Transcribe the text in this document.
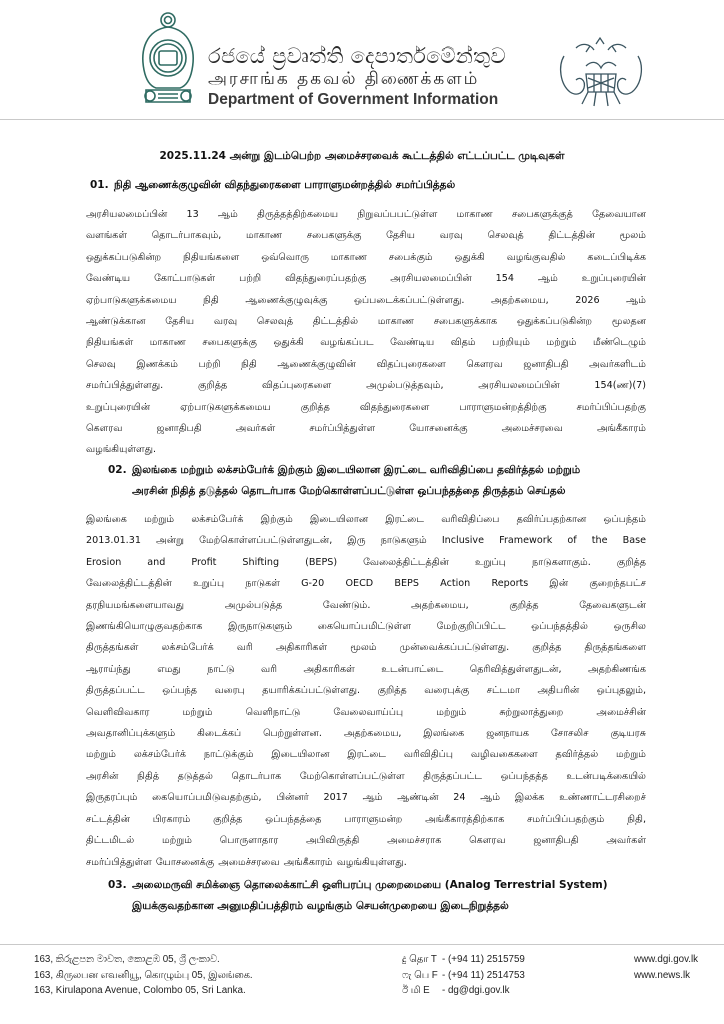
රජයේ ප්‍රවෘත්ති දෙපාර්තමේන්තුව
அரசாங்க தகவல் திணைக்களம்
Department of Government Information
2025.11.24 அன்று இடம்பெற்ற அமைச்சரவைக் கூட்டத்தில் எட்டப்பட்ட முடிவுகள்
01. நிதி ஆணைக்குழுவின் விதந்துரைகளை பாராளுமன்றத்தில் சமர்ப்பித்தல்
அரசியலமைப்பின் 13 ஆம் திருத்தத்திற்கமைய நிறுவப்பபட்டுள்ள மாகாண சபைகளுக்குத் தேவையான
வளங்கள் தொடர்பாகவும், மாகாண சபைகளுக்கு தேசிய வரவு செலவுத் திட்டத்தின் மூலம்
ஒதுக்கப்படுகின்ற நிதியங்களை ஒவ்வொரு மாகாண சபைக்கும் ஒதுக்கி வழங்குவதில் கடைப்பிடிக்க
வேண்டிய கோட்பாடுகள் பற்றி விதந்துரைப்பதற்கு அரசியலமைப்பின் 154 ஆம் உறுப்புரையின்
ஏற்பாடுகளுக்கமைய நிதி ஆணைக்குழுவுக்கு ஒப்படைக்கப்பட்டுள்ளது. அதற்கமைய, 2026 ஆம்
ஆண்டுக்கான தேசிய வரவு செலவுத் திட்டத்தில் மாகாண சபைகளுக்காக ஒதுக்கப்படுகின்ற மூலதன
நிதியங்கள் மாகாண சபைகளுக்கு ஒதுக்கி வழங்கப்பட வேண்டிய விதம் பற்றியும் மற்றும் மீண்டெழும்
செலவு இணக்கம் பற்றி நிதி ஆணைக்குழுவின் விதப்புரைகளை கௌரவ ஜனாதிபதி அவர்களிடம்
சமர்ப்பித்துள்ளது. குறித்த விதப்புரைகளை அமுல்படுத்தவும், அரசியலமைப்பின் 154(ண)(7)
உறுப்புரையின் ஏற்பாடுகளுக்கமைய குறித்த விதந்துரைகளை பாராளுமன்றத்திற்கு சமர்ப்பிப்பதற்கு
கௌரவ ஜனாதிபதி அவர்கள் சமர்ப்பித்துள்ள யோசனைக்கு அமைச்சரவை அங்கீகாரம்
வழங்கியுள்ளது.
02. இலங்கை மற்றும் லக்சம்பேர்க் இற்கும் இடையிலான இரட்டை வரிவிதிப்பை தவிர்த்தல் மற்றும்
அரசின் நிதித் தடுத்தல் தொடர்பாக மேற்கொள்ளப்பட்டுள்ள ஒப்பந்தத்தை திருத்தம் செய்தல்
இலங்கை மற்றும் லக்சம்பேர்க் இற்கும் இடையிலான இரட்டை வரிவிதிப்பை தவிர்ப்பதற்கான ஒப்பந்தம்
2013.01.31 அன்று மேற்கொள்ளப்பட்டுள்ளதுடன், இரு நாடுகளும் Inclusive Framework of the Base
Erosion and Profit Shifting (BEPS) வேலைத்திட்டத்தின் உறுப்பு நாடுகளாகும். குறித்த
வேலைத்திட்டத்தின் உறுப்பு நாடுகள் G-20 OECD BEPS Action Reports இன் குறைந்தபட்ச
தரநியமங்களையாவது அமுல்படுத்த வேண்டும். அதற்கமைய, குறித்த தேவைகளுடன்
இணங்கியொழுகுவதற்காக இருநாடுகளும் கையொப்பமிட்டுள்ள மேற்குறிப்பிட்ட ஒப்பந்தத்தில் ஒருசில
திருத்தங்கள் லக்சம்பேர்க் வரி அதிகாரிகள் மூலம் முன்வைக்கப்பட்டுள்ளது. குறித்த திருத்தங்களை
ஆராய்ந்து எமது நாட்டு வரி அதிகாரிகள் உடன்பாட்டை தெரிவித்துள்ளதுடன், அதற்கிணங்க
திருத்தப்பட்ட ஒப்பந்த வரைபு தயாரிக்கப்பட்டுள்ளது. குறித்த வரைபுக்கு சட்டமா அதிபரின் ஒப்புதலும்,
வெளிவிவகார மற்றும் வெளிநாட்டு வேலைவாய்ப்பு மற்றும் சுற்றுலாத்துறை அமைச்சின்
அவதானிப்புக்களும் கிடைக்கப் பெற்றுள்ளன. அதற்கமைய, இலங்கை ஜனநாயக சோசலிச குடியரசு
மற்றும் லக்சம்பேர்க் நாட்டுக்கும் இடையிலான இரட்டை வரிவிதிப்பு வழிவகைகளை தவிர்த்தல் மற்றும்
அரசின் நிதித் தடுத்தல் தொடர்பாக மேற்கொள்ளப்பட்டுள்ள திருத்தப்பட்ட ஒப்பந்தத்த உடன்படிக்கையில்
இருதரப்பும் கையொப்பமிடுவதற்கும், பின்னர் 2017 ஆம் ஆண்டின் 24 ஆம் இலக்க உண்ணாட்டரசிறைச்
சட்டத்தின் பிரகாரம் குறித்த ஒப்பந்தத்தை பாராளுமன்ற அங்கீகாரத்திற்காக சமர்ப்பிப்பதற்கும் நிதி,
திட்டமிடல் மற்றும் பொருளாதார அபிவிருத்தி அமைச்சராக கௌரவ ஜனாதிபதி அவர்கள்
சமர்ப்பித்துள்ள யோசனைக்கு அமைச்சரவை அங்கீகாரம் வழங்கியுள்ளது.
03. அலைமருவி சமிக்ஞை தொலைக்காட்சி ஒளிபரப்பு முறைமையை (Analog Terrestrial System)
இயக்குவதற்கான அனுமதிப்பத்திரம் வழங்கும் செயன்முறையை இடைநிறுத்தல்
163, කිරුළපන මාවත, කොළඹ 05, ශ්‍රී ලංකාව.
163, கிருலபன எவனியூ, கொழும்பு 05, இலங்கை.
163, Kirulapona Avenue, Colombo 05, Sri Lanka.
දු தொ T - (+94 11) 2515759
ෆැ பெ F - (+94 11) 2514753
ඊ மி E - dg@dgi.gov.lk
www.dgi.gov.lk
www.news.lk
